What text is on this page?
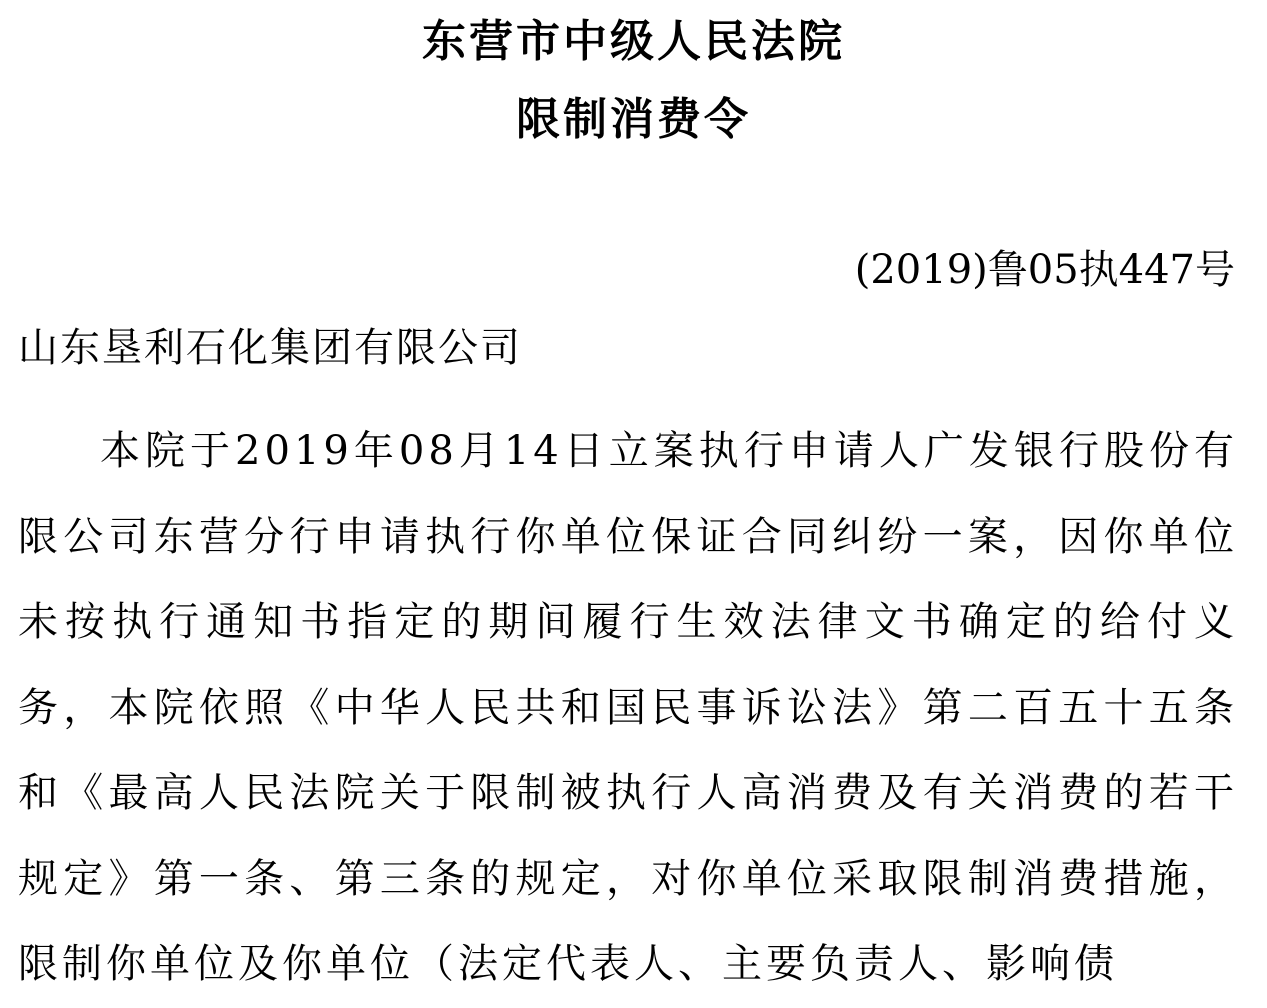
东营市中级人民法院
限制消费令
(2019)鲁05执447号
山东垦利石化集团有限公司
本院于2019年08月14日立案执行申请人广发银行股份有限公司东营分行申请执行你单位保证合同纠纷一案，因你单位未按执行通知书指定的期间履行生效法律文书确定的给付义务，本院依照《中华人民共和国民事诉讼法》第二百五十五条和《最高人民法院关于限制被执行人高消费及有关消费的若干规定》第一条、第三条的规定，对你单位采取限制消费措施，限制你单位及你单位（法定代表人、主要负责人、影响债
